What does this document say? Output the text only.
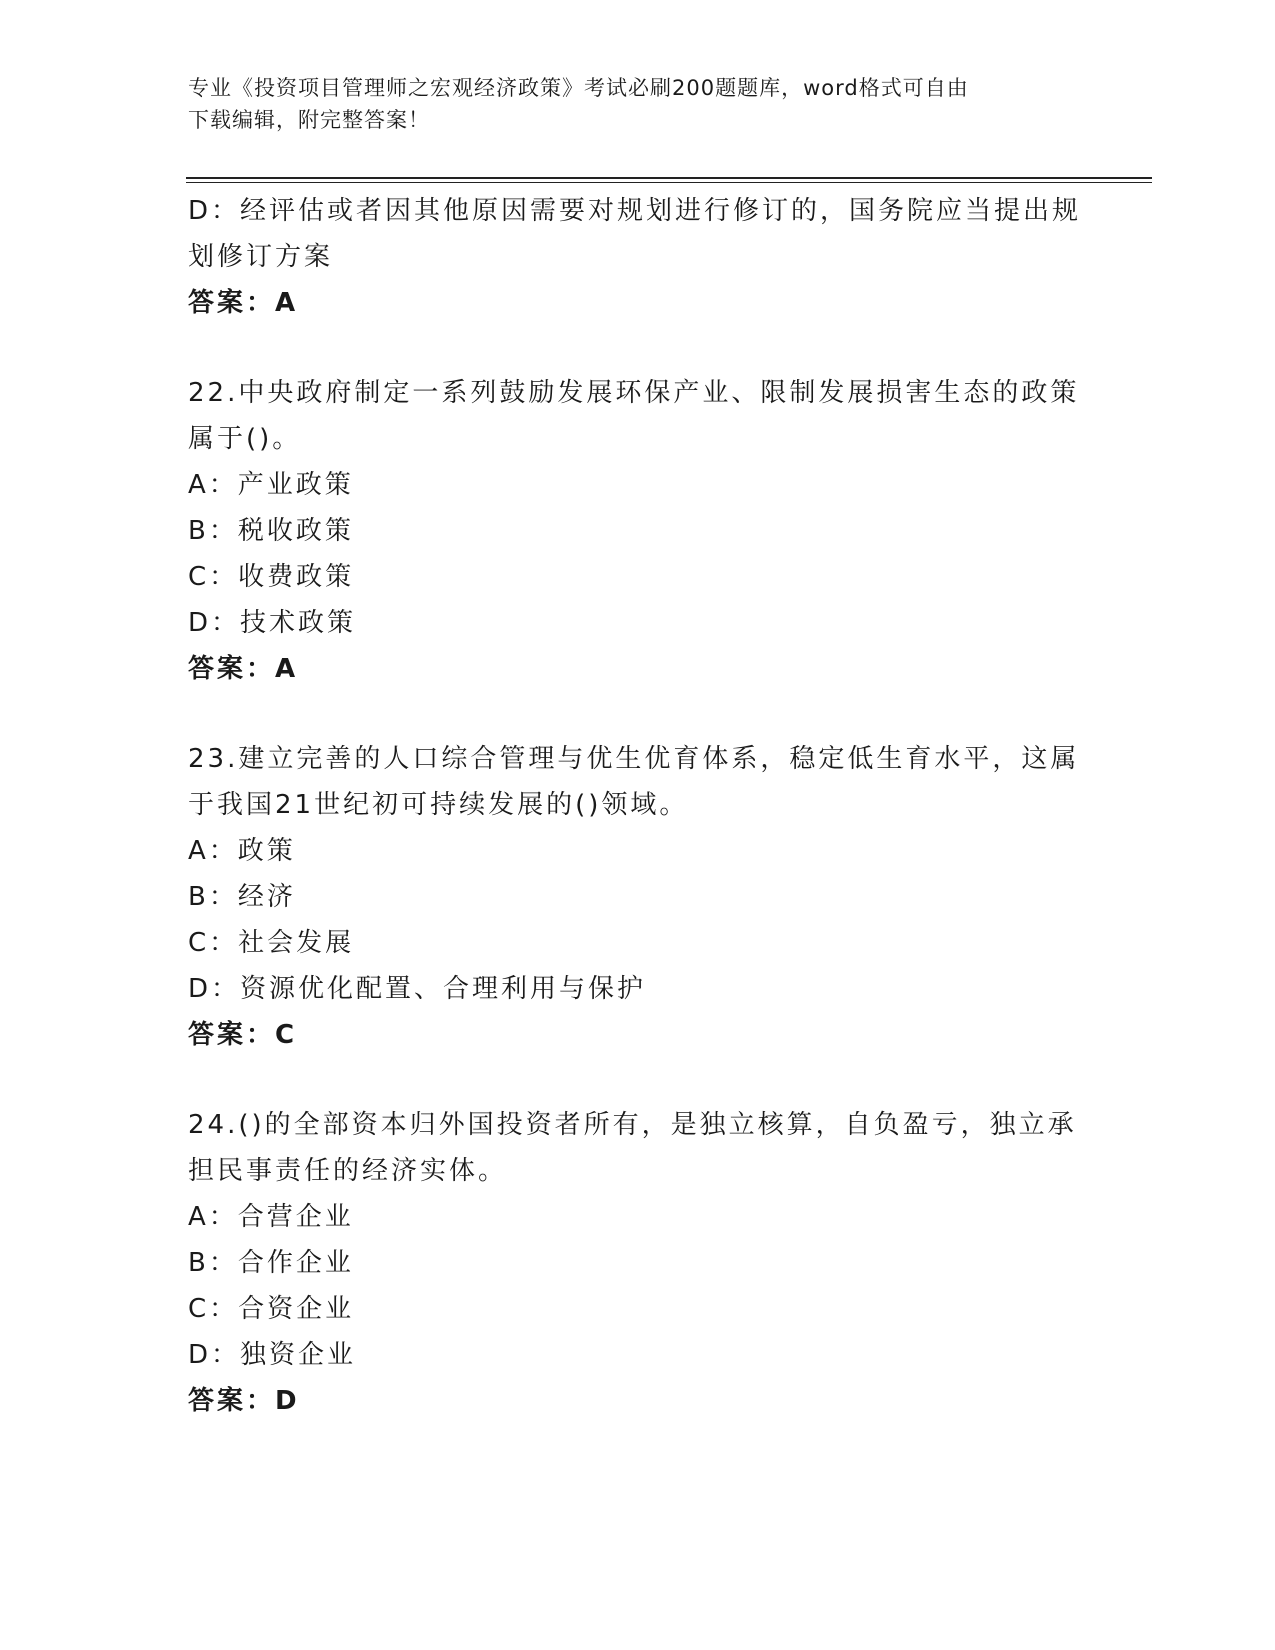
专业《投资项目管理师之宏观经济政策》考试必刷200题题库，word格式可自由
下载编辑，附完整答案！

D：经评估或者因其他原因需要对规划进行修订的，国务院应当提出规划修订方案

答案：A

22.中央政府制定一系列鼓励发展环保产业、限制发展损害生态的政策属于()。

A：产业政策

B：税收政策

C：收费政策

D：技术政策

答案：A

23.建立完善的人口综合管理与优生优育体系，稳定低生育水平，这属于我国21世纪初可持续发展的()领域。

A：政策

B：经济

C：社会发展

D：资源优化配置、合理利用与保护

答案：C

24.()的全部资本归外国投资者所有，是独立核算，自负盈亏，独立承担民事责任的经济实体。

A：合营企业

B：合作企业

C：合资企业

D：独资企业

答案：D
